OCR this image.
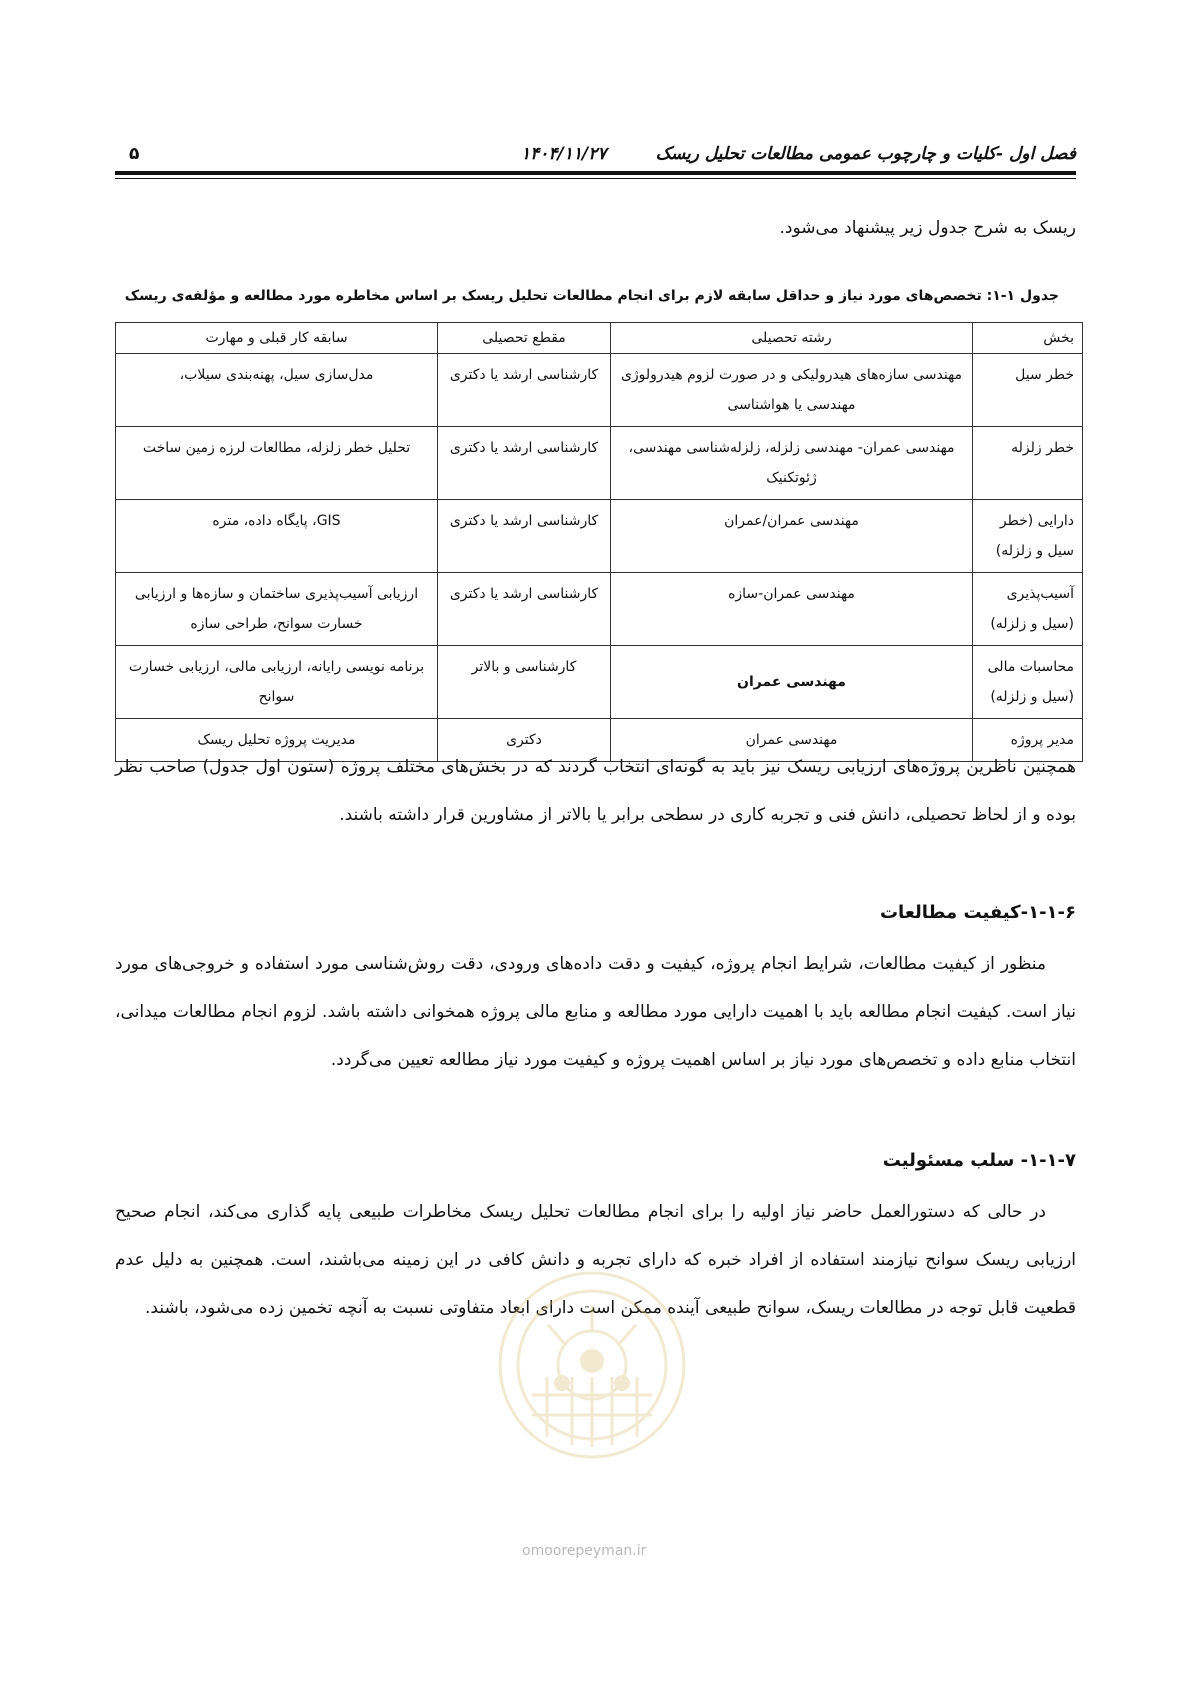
فصل اول -کلیات و چارچوب عمومی مطالعات تحلیل ریسک
۱۴۰۴/۱۱/۲۷
۵

ریسک به شرح جدول زیر پیشنهاد می‌شود.

جدول ۱-۱: تخصص‌های مورد نیاز و حداقل سابقه لازم برای انجام مطالعات تحلیل ریسک بر اساس مخاطره مورد مطالعه و مؤلفه‌ی ریسک
بخش	رشته تحصیلی	مقطع تحصیلی	سابقه کار قبلی و مهارت
خطر سیل	مهندسی سازه‌های هیدرولیکی و در صورت لزوم هیدرولوژی مهندسی یا هواشناسی	کارشناسی ارشد یا دکتری	مدل‌سازی سیل، پهنه‌بندی سیلاب،
خطر زلزله	مهندسی عمران- مهندسی زلزله، زلزله‌شناسی مهندسی، ژئوتکنیک	کارشناسی ارشد یا دکتری	تحلیل خطر زلزله، مطالعات لرزه زمین ساخت
دارایی (خطر سیل و زلزله)	مهندسی عمران/عمران	کارشناسی ارشد یا دکتری	GIS، پایگاه داده، متره
آسیب‌پذیری (سیل و زلزله)	مهندسی عمران-سازه	کارشناسی ارشد یا دکتری	ارزیابی آسیب‌پذیری ساختمان و سازه‌ها و ارزیابی خسارت سوانح، طراحی سازه
محاسبات مالی (سیل و زلزله)	مهندسی عمران	کارشناسی و بالاتر	برنامه نویسی رایانه، ارزیابی مالی، ارزیابی خسارت سوانح
مدیر پروژه	مهندسی عمران	دکتری	مدیریت پروژه تحلیل ریسک

همچنین ناظرین پروژه‌های ارزیابی ریسک نیز باید به گونه‌ای انتخاب گردند که در بخش‌های مختلف پروژه (ستون اول جدول) صاحب نظر بوده و از لحاظ تحصیلی، دانش فنی و تجربه کاری در سطحی برابر یا بالاتر از مشاورین قرار داشته باشند.

۱-۱-۶-کیفیت مطالعات

منظور از کیفیت مطالعات، شرایط انجام پروژه، کیفیت و دقت داده‌های ورودی، دقت روش‌شناسی مورد استفاده و خروجی‌های مورد نیاز است. کیفیت انجام مطالعه باید با اهمیت دارایی مورد مطالعه و منابع مالی پروژه همخوانی داشته باشد. لزوم انجام مطالعات میدانی، انتخاب منابع داده و تخصص‌های مورد نیاز بر اساس اهمیت پروژه و کیفیت مورد نیاز مطالعه تعیین می‌گردد.

۱-۱-۷- سلب مسئولیت

در حالی که دستورالعمل حاضر نیاز اولیه را برای انجام مطالعات تحلیل ریسک مخاطرات طبیعی پایه گذاری می‌کند، انجام صحیح ارزیابی ریسک سوانح نیازمند استفاده از افراد خبره که دارای تجربه و دانش کافی در این زمینه می‌باشند، است. همچنین به دلیل عدم قطعیت قابل توجه در مطالعات ریسک، سوانح طبیعی آینده ممکن است دارای ابعاد متفاوتی نسبت به آنچه تخمین زده می‌شود، باشند.

omoorepeyman.ir
